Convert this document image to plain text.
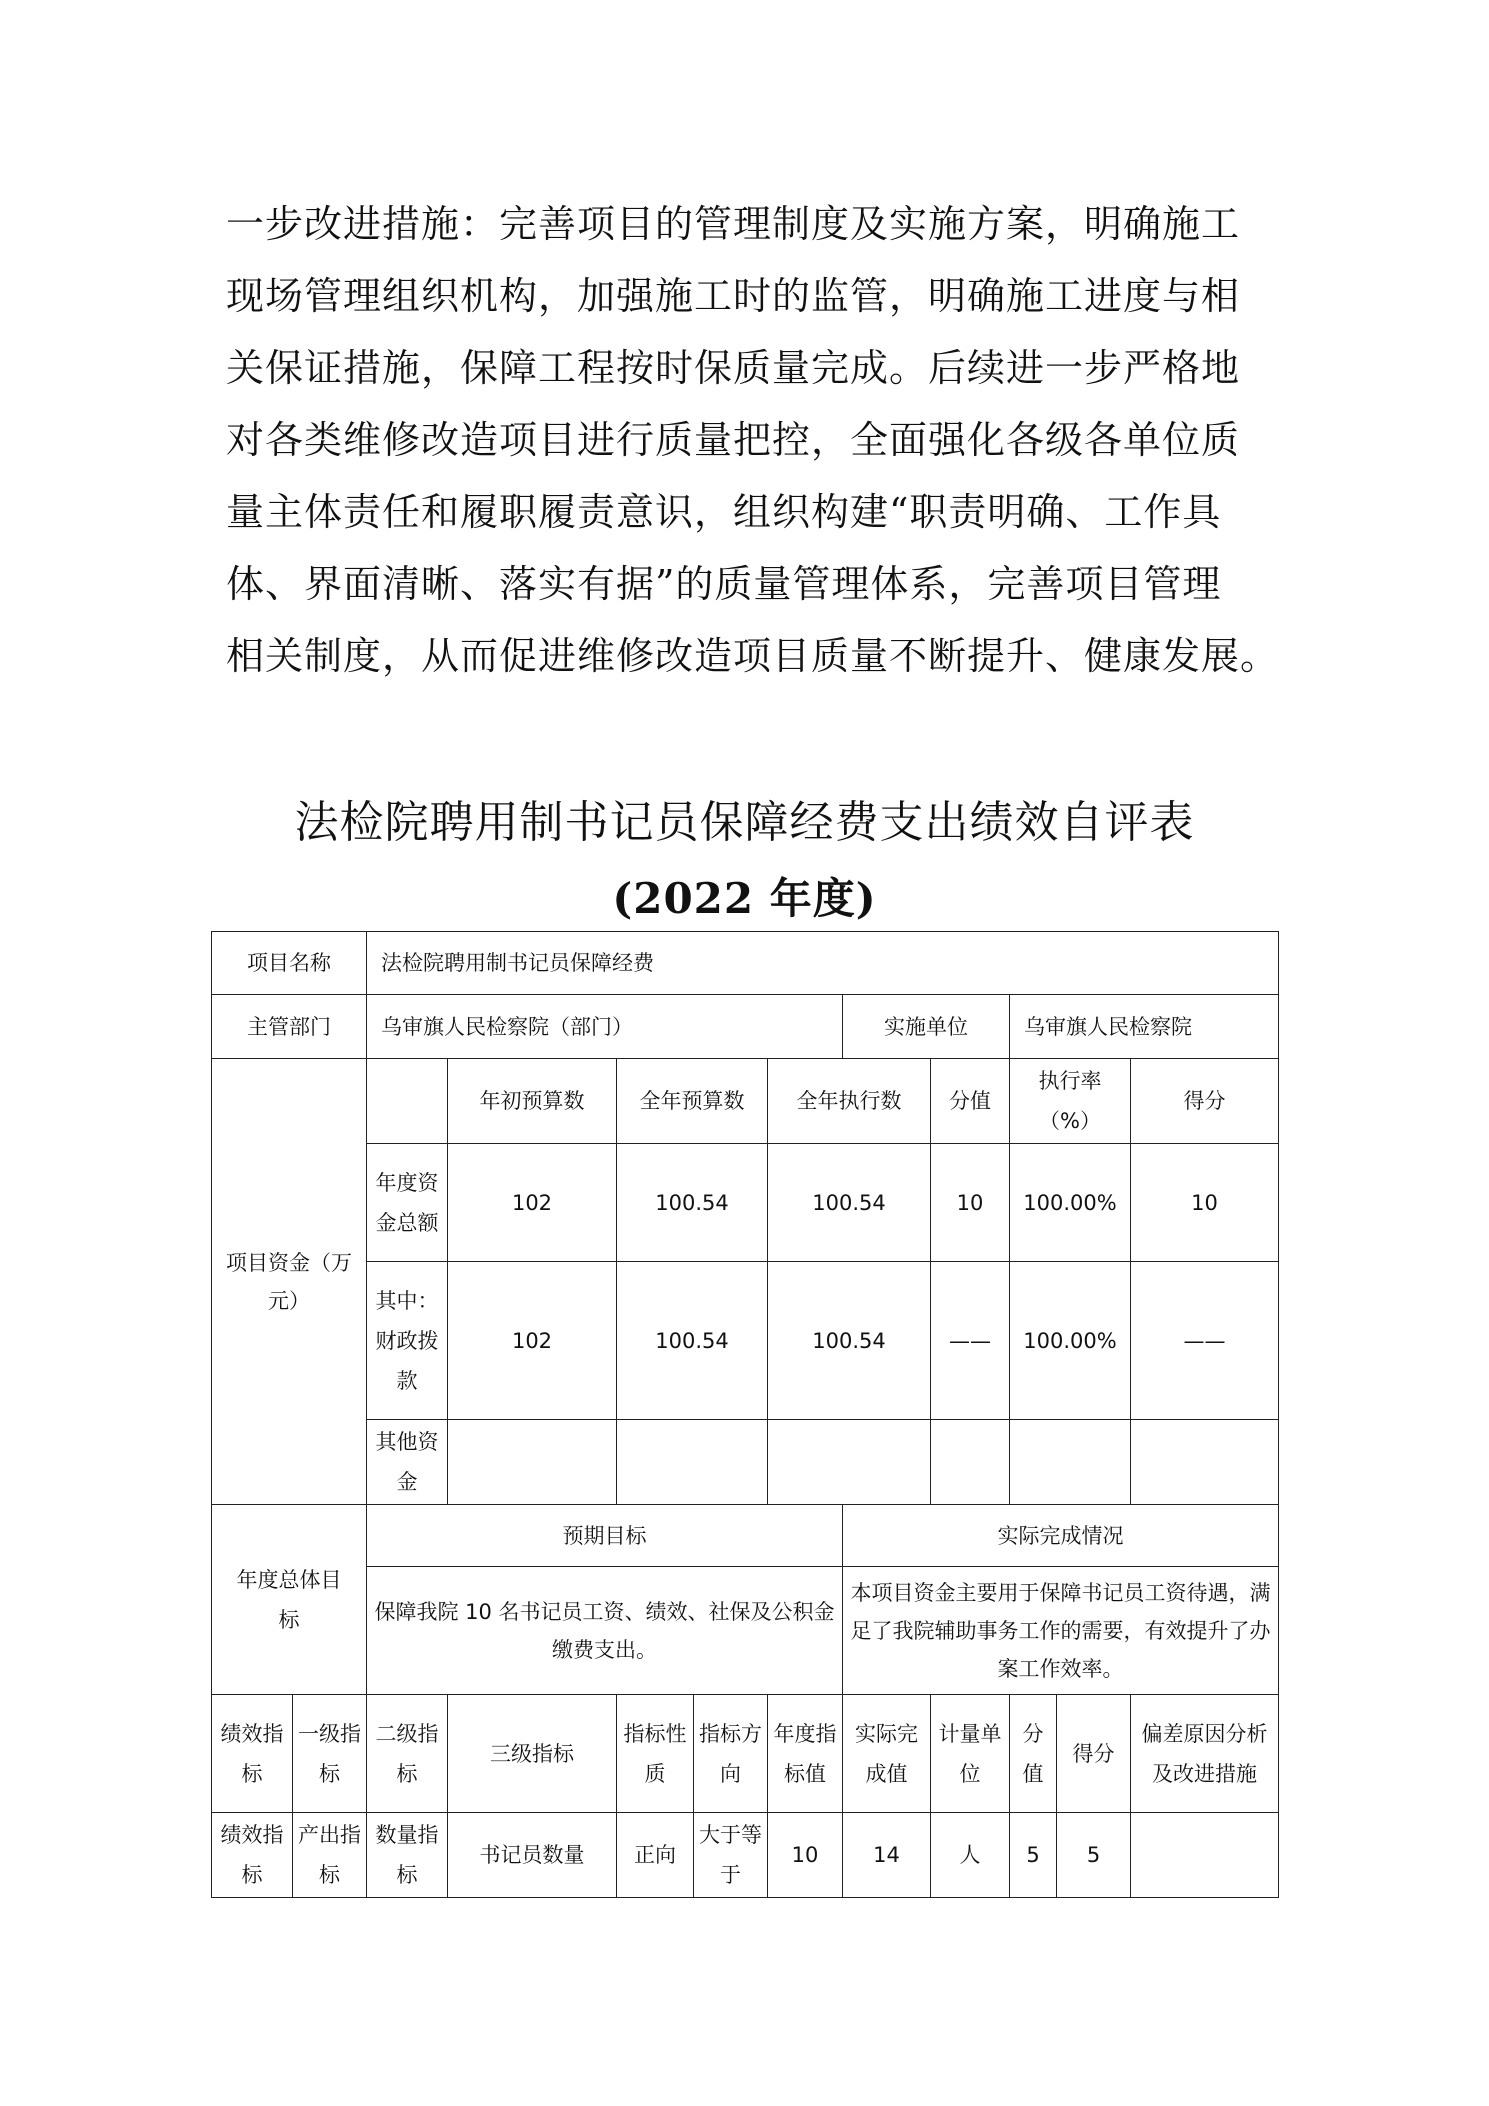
一步改进措施：完善项目的管理制度及实施方案，明确施工
现场管理组织机构，加强施工时的监管，明确施工进度与相
关保证措施，保障工程按时保质量完成。后续进一步严格地
对各类维修改造项目进行质量把控，全面强化各级各单位质
量主体责任和履职履责意识，组织构建“职责明确、工作具
体、界面清晰、落实有据”的质量管理体系，完善项目管理
相关制度，从而促进维修改造项目质量不断提升、健康发展。
法检院聘用制书记员保障经费支出绩效自评表
(2022 年度)
项目名称		法检院聘用制书记员保障经费									
主管部门		乌审旗人民检察院（部门）					实施单位		乌审旗人民检察院		
项目资金（万元）			年初预算数	全年预算数		全年执行数		分值	执行率（%）		得分
		年度资金总额	102	100.54		100.54		10	100.00%		10
		其中：财政拨款	102	100.54		100.54		——	100.00%		——
		其他资金									
年度总体目标		预期目标					实际完成情况				
		保障我院 10 名书记员工资、绩效、社保及公积金缴费支出。					本项目资金主要用于保障书记员工资待遇，满足了我院辅助事务工作的需要，有效提升了办案工作效率。				
绩效指标	一级指标	二级指标	三级指标	指标性质	指标方向	年度指标值	实际完成值	计量单位	分值	得分	偏差原因分析及改进措施
绩效指标	产出指标	数量指标	书记员数量	正向	大于等于	10	14	人	5	5	
